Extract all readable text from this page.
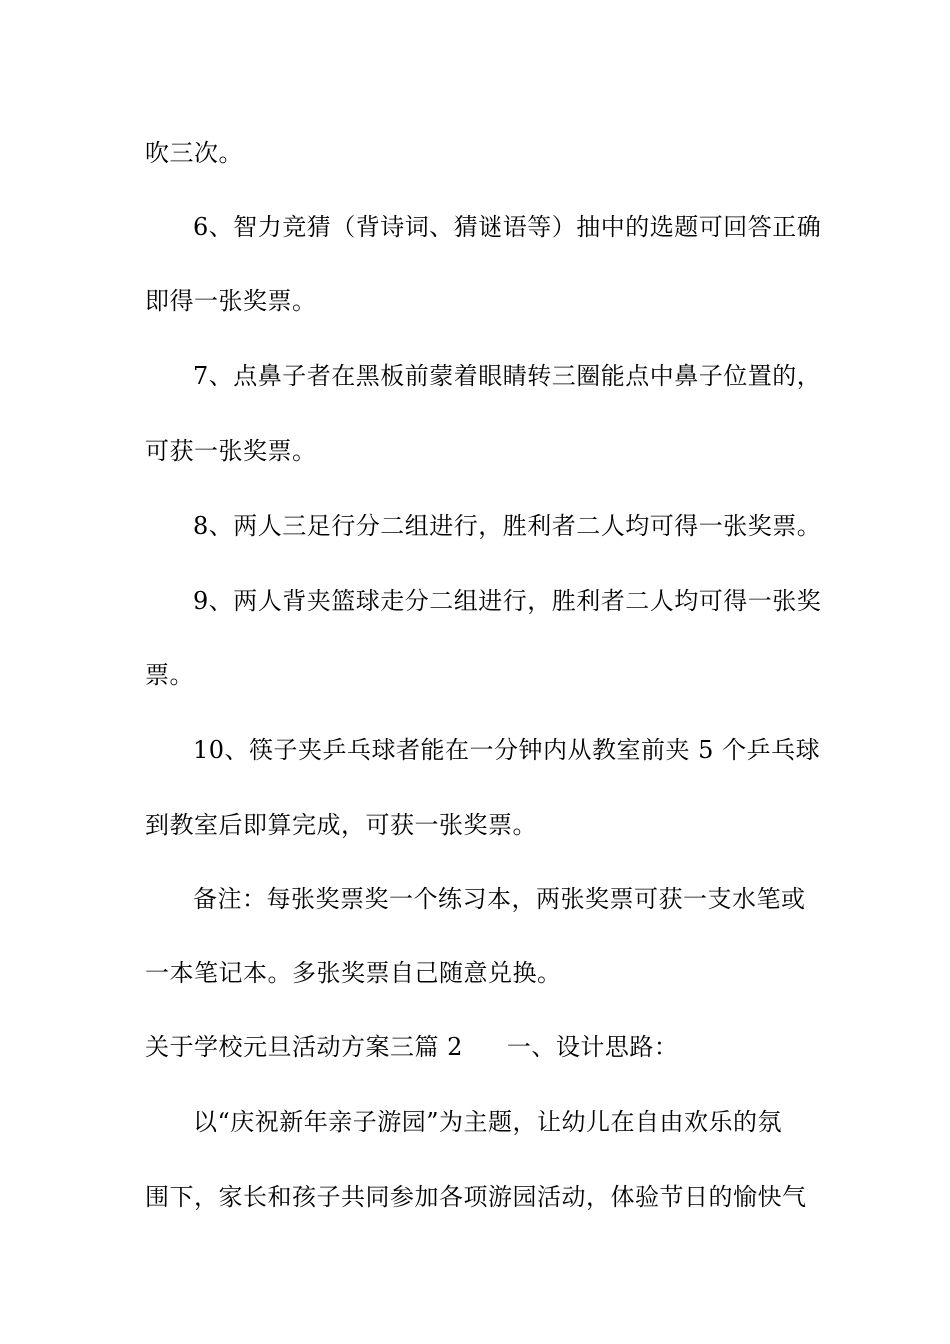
吹三次。
6、智力竞猜（背诗词、猜谜语等）抽中的选题可回答正确
即得一张奖票。
7、点鼻子者在黑板前蒙着眼睛转三圈能点中鼻子位置的，
可获一张奖票。
8、两人三足行分二组进行，胜利者二人均可得一张奖票。
9、两人背夹篮球走分二组进行，胜利者二人均可得一张奖
票。
10、筷子夹乒乓球者能在一分钟内从教室前夹 5 个乒乓球
到教室后即算完成，可获一张奖票。
备注：每张奖票奖一个练习本，两张奖票可获一支水笔或
一本笔记本。多张奖票自己随意兑换。
关于学校元旦活动方案三篇 2 一、设计思路：
以“庆祝新年亲子游园”为主题，让幼儿在自由欢乐的氛
围下，家长和孩子共同参加各项游园活动，体验节日的愉快气
